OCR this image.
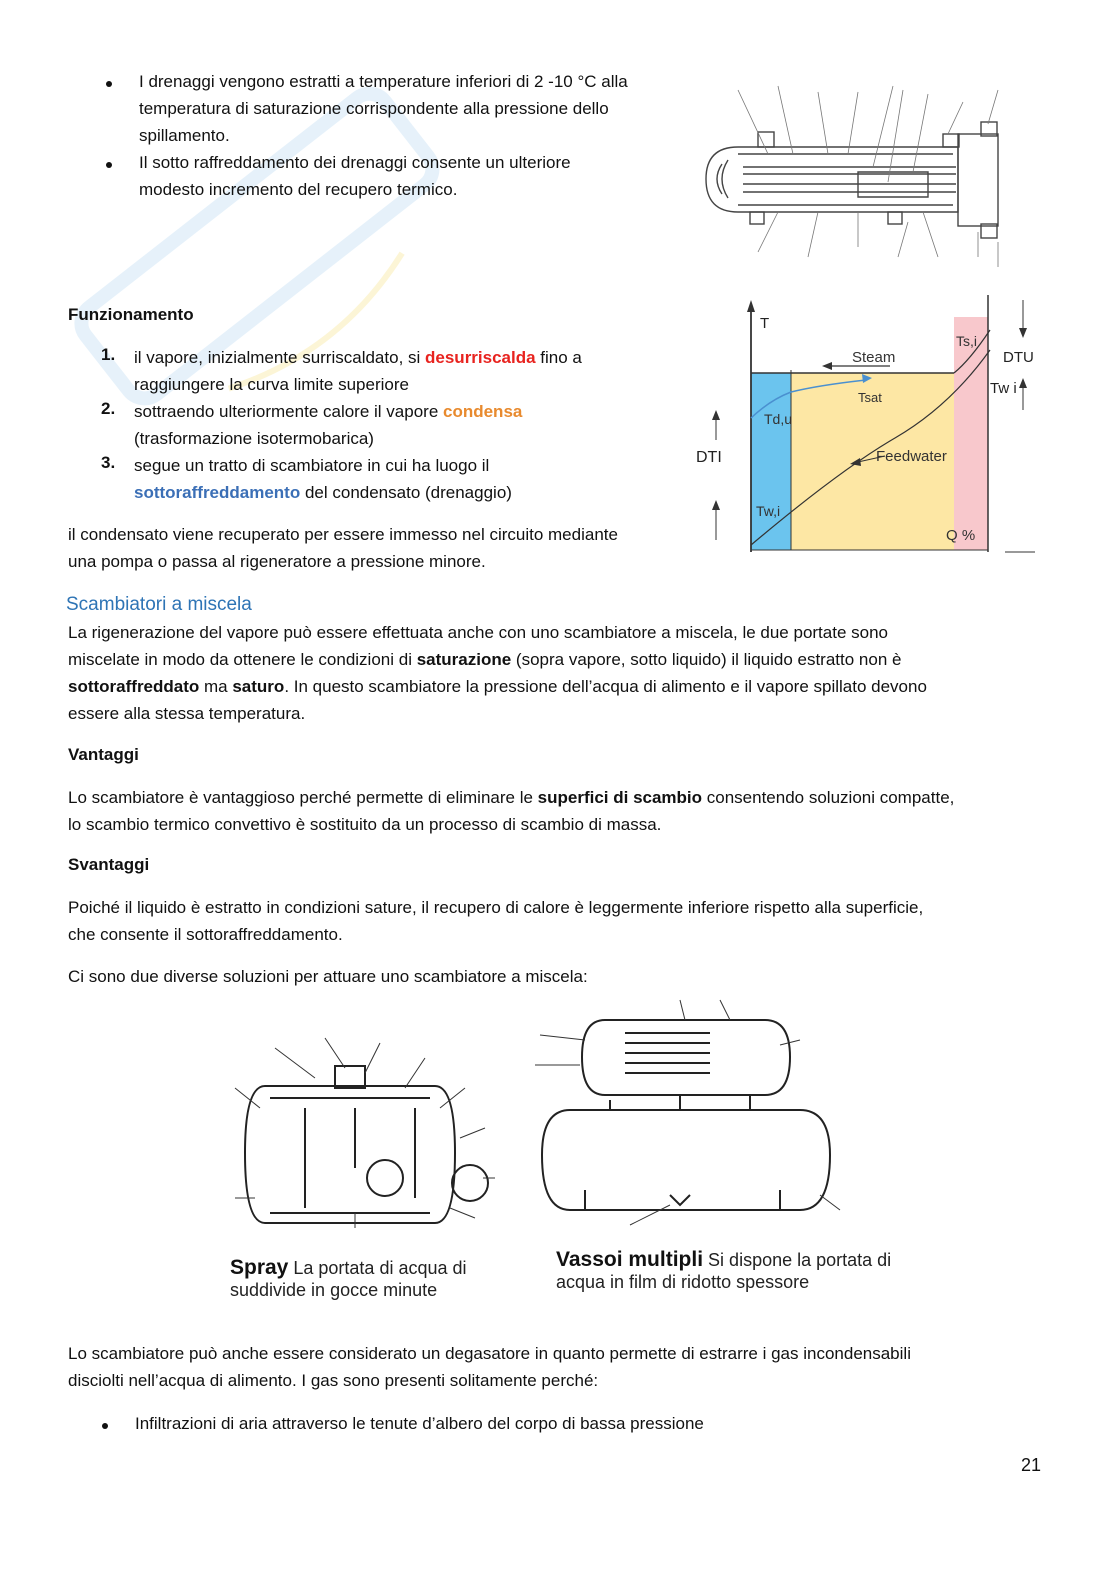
I drenaggi vengono estratti a temperature inferiori di 2 -10 °C alla
temperatura di saturazione corrispondente alla pressione dello
spillamento.
Il sotto raffreddamento dei drenaggi consente un ulteriore
modesto incremento del recupero termico.
Funzionamento
1. il vapore, inizialmente surriscaldato, si desurriscalda fino a
raggiungere la curva limite superiore
2. sottraendo ulteriormente calore il vapore condensa
(trasformazione isotermobarica)
3. segue un tratto di scambiatore in cui ha luogo il
sottoraffreddamento del condensato (drenaggio)
il condensato viene recuperato per essere immesso nel circuito mediante
una pompa o passa al rigeneratore a pressione minore.
T
Steam
Ts,i
DTU
Tw i
Tsat
Td,u
DTI	Feedwater
Tw,i
Q %
Scambiatori a miscela
La rigenerazione del vapore può essere effettuata anche con uno scambiatore a miscela, le due portate sono
miscelate in modo da ottenere le condizioni di saturazione (sopra vapore, sotto liquido) il liquido estratto non è
sottoraffreddato ma saturo. In questo scambiatore la pressione dell’acqua di alimento e il vapore spillato devono
essere alla stessa temperatura.
Vantaggi
Lo scambiatore è vantaggioso perché permette di eliminare le superfici di scambio consentendo soluzioni compatte,
lo scambio termico convettivo è sostituito da un processo di scambio di massa.
Svantaggi
Poiché il liquido è estratto in condizioni sature, il recupero di calore è leggermente inferiore rispetto alla superficie,
che consente il sottoraffreddamento.
Ci sono due diverse soluzioni per attuare uno scambiatore a miscela:
Spray La portata di acqua di
suddivide in gocce minute
Vassoi multipli Si dispone la portata di
acqua in film di ridotto spessore
Lo scambiatore può anche essere considerato un degasatore in quanto permette di estrarre i gas incondensabili
disciolti nell’acqua di alimento. I gas sono presenti solitamente perché:
Infiltrazioni di aria attraverso le tenute d’albero del corpo di bassa pressione
21
